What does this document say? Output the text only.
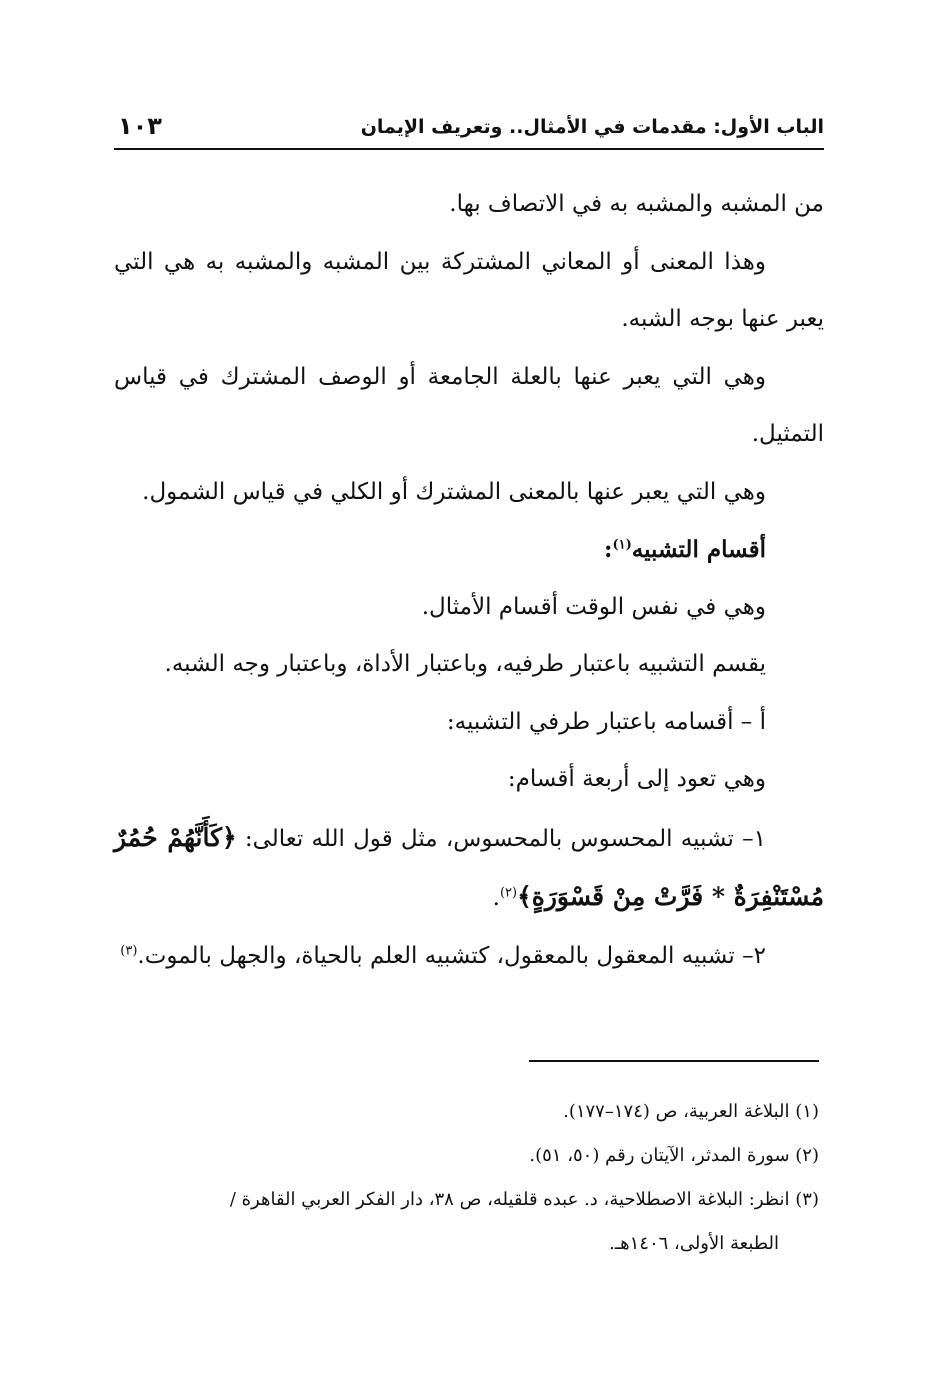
الباب الأول: مقدمات في الأمثال.. وتعريف الإيمان
١٠٣

من المشبه والمشبه به في الاتصاف بها.

وهذا المعنى أو المعاني المشتركة بين المشبه والمشبه به هي التي يعبر عنها بوجه الشبه.

وهي التي يعبر عنها بالعلة الجامعة أو الوصف المشترك في قياس التمثيل.

وهي التي يعبر عنها بالمعنى المشترك أو الكلي في قياس الشمول.

أقسام التشبيه$^{(١)}$:

وهي في نفس الوقت أقسام الأمثال.

يقسم التشبيه باعتبار طرفيه، وباعتبار الأداة، وباعتبار وجه الشبه.

أ – أقسامه باعتبار طرفي التشبيه:

وهي تعود إلى أربعة أقسام:

١– تشبيه المحسوس بالمحسوس، مثل قول الله تعالى: ﴿كَأَنَّهُمْ حُمُرٌ مُسْتَنْفِرَةٌ * فَرَّتْ مِنْ قَسْوَرَةٍ﴾$^{(٢)}$.

٢– تشبيه المعقول بالمعقول، كتشبيه العلم بالحياة، والجهل بالموت.$^{(٣)}$

(١) البلاغة العربية، ص (١٧٤–١٧٧).

(٢) سورة المدثر، الآيتان رقم (٥٠، ٥١).

(٣) انظر: البلاغة الاصطلاحية، د. عبده قلقيله، ص ٣٨، دار الفكر العربي القاهرة /

الطبعة الأولى، ١٤٠٦هـ.
